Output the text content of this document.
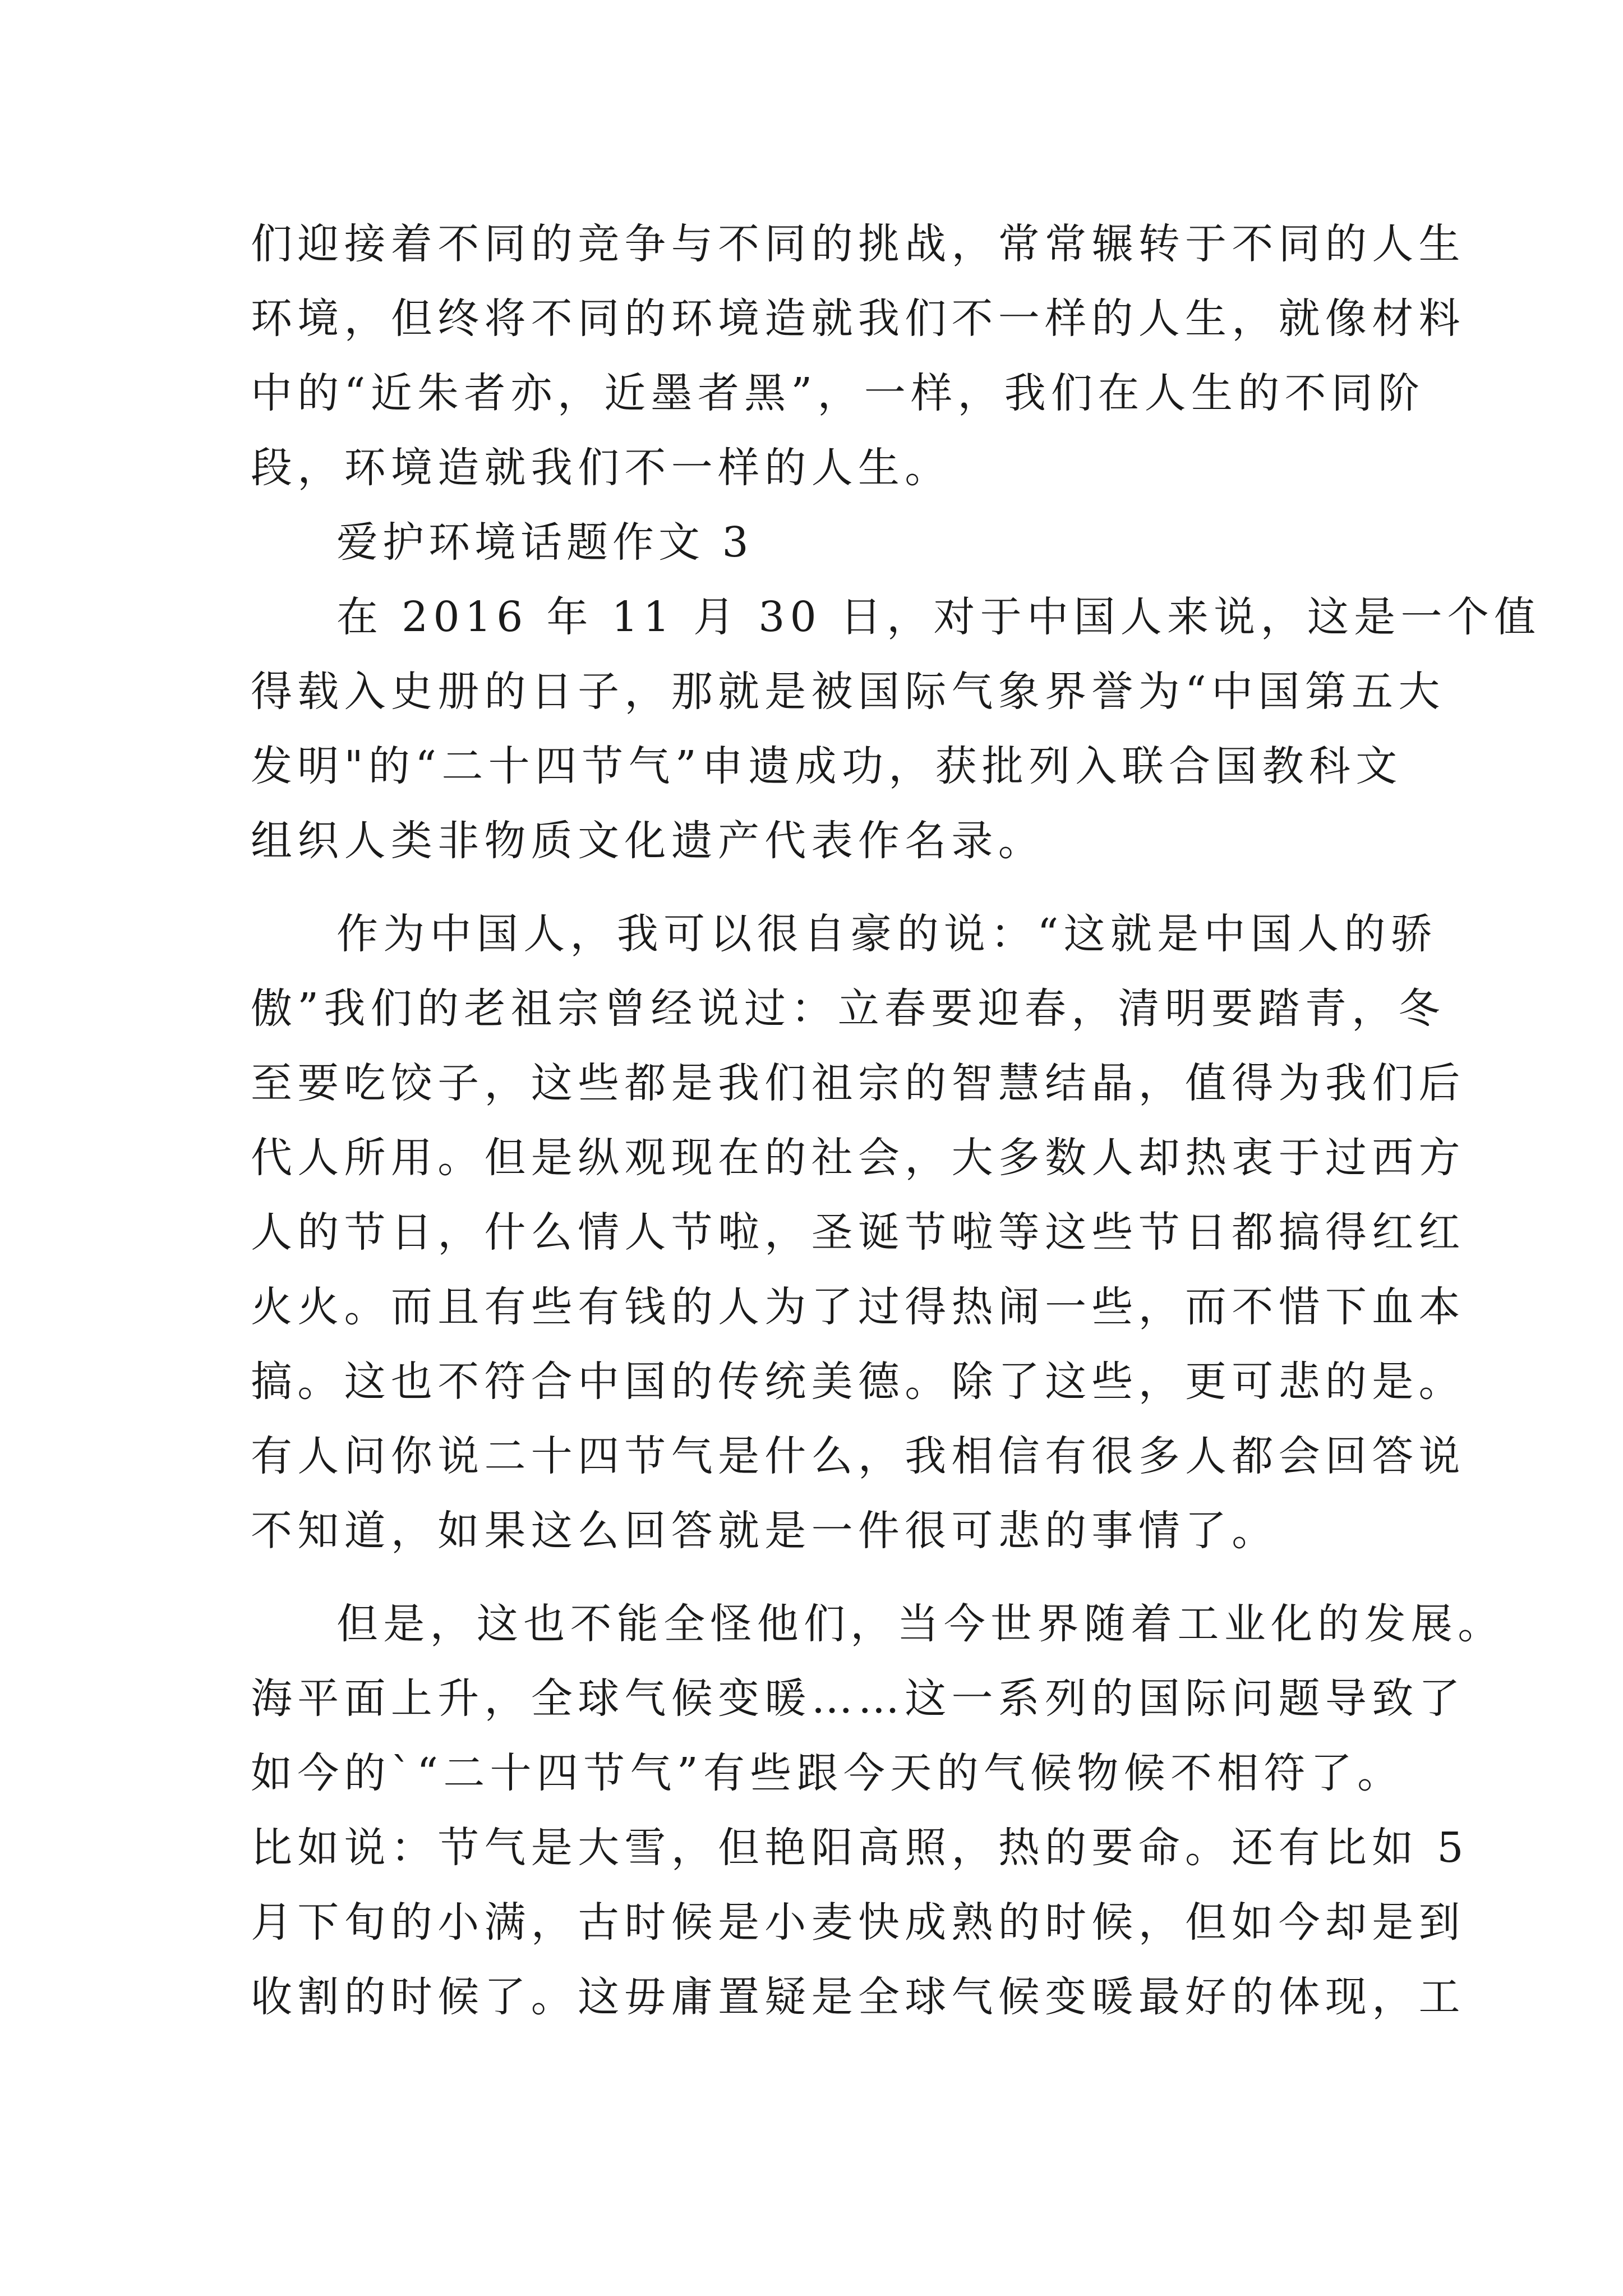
们迎接着不同的竞争与不同的挑战，常常辗转于不同的人生
环境，但终将不同的环境造就我们不一样的人生，就像材料
中的“近朱者亦，近墨者黑”，一样，我们在人生的不同阶
段，环境造就我们不一样的人生。
爱护环境话题作文 3
在 2016 年 11 月 30 日，对于中国人来说，这是一个值
得载入史册的日子，那就是被国际气象界誉为“中国第五大
发明"的“二十四节气”申遗成功，获批列入联合国教科文
组织人类非物质文化遗产代表作名录。
作为中国人，我可以很自豪的说：“这就是中国人的骄
傲”我们的老祖宗曾经说过：立春要迎春，清明要踏青，冬
至要吃饺子，这些都是我们祖宗的智慧结晶，值得为我们后
代人所用。但是纵观现在的社会，大多数人却热衷于过西方
人的节日，什么情人节啦，圣诞节啦等这些节日都搞得红红
火火。而且有些有钱的人为了过得热闹一些，而不惜下血本
搞。这也不符合中国的传统美德。除了这些，更可悲的是。
有人问你说二十四节气是什么，我相信有很多人都会回答说
不知道，如果这么回答就是一件很可悲的事情了。
但是，这也不能全怪他们，当今世界随着工业化的发展。
海平面上升，全球气候变暖……这一系列的国际问题导致了
如今的`“二十四节气”有些跟今天的气候物候不相符了。
比如说：节气是大雪，但艳阳高照，热的要命。还有比如 5
月下旬的小满，古时候是小麦快成熟的时候，但如今却是到
收割的时候了。这毋庸置疑是全球气候变暖最好的体现，工
